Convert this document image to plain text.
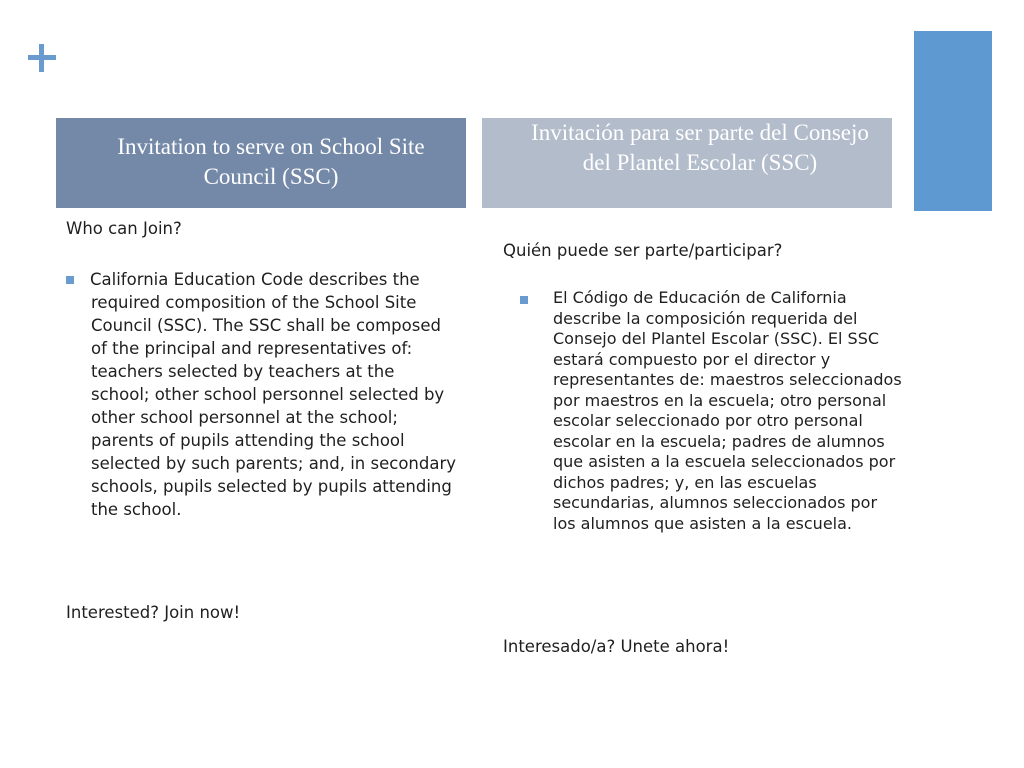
Invitation to serve on School Site Council (SSC)
Invitación para ser parte del Consejo del Plantel Escolar (SSC)

Who can Join?

California Education Code describes the required composition of the School Site Council (SSC). The SSC shall be composed of the principal and representatives of: teachers selected by teachers at the school; other school personnel selected by other school personnel at the school; parents of pupils attending the school selected by such parents; and, in secondary schools, pupils selected by pupils attending the school.

Quién puede ser parte/participar?

El Código de Educación de California describe la composición requerida del Consejo del Plantel Escolar (SSC). El SSC estará compuesto por el director y representantes de: maestros seleccionados por maestros en la escuela; otro personal escolar seleccionado por otro personal escolar en la escuela; padres de alumnos que asisten a la escuela seleccionados por dichos padres; y, en las escuelas secundarias, alumnos seleccionados por los alumnos que asisten a la escuela.

Interested? Join now!

Interesado/a? Unete ahora!
